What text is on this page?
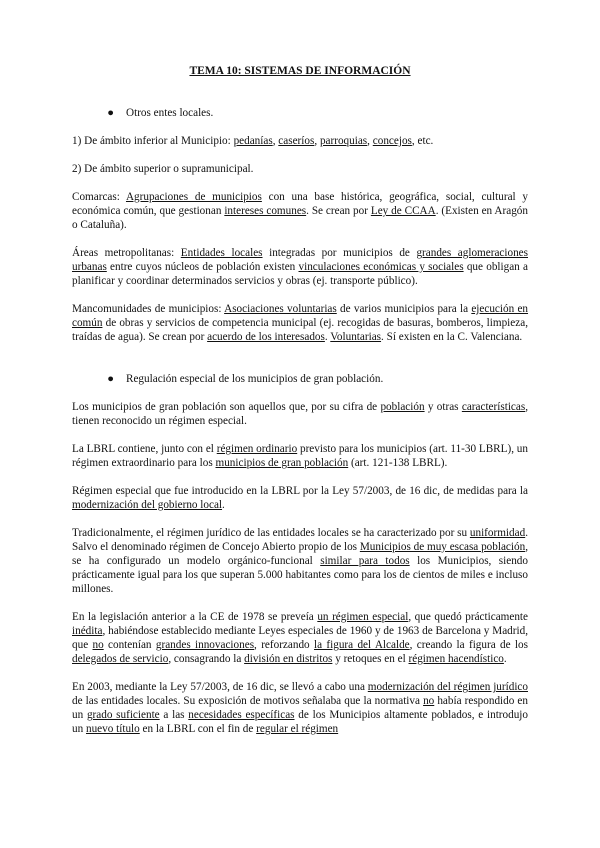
TEMA 10: SISTEMAS DE INFORMACIÓN
●	Otros entes locales.

1) De ámbito inferior al Municipio: pedanías, caseríos, parroquias, concejos, etc.

2) De ámbito superior o supramunicipal.

Comarcas: Agrupaciones de municipios con una base histórica, geográfica, social, cultural y económica común, que gestionan intereses comunes. Se crean por Ley de CCAA. (Existen en Aragón o Cataluña).

Áreas metropolitanas: Entidades locales integradas por municipios de grandes aglomeraciones urbanas entre cuyos núcleos de población existen vinculaciones económicas y sociales que obligan a planificar y coordinar determinados servicios y obras (ej. transporte público).

Mancomunidades de municipios: Asociaciones voluntarias de varios municipios para la ejecución en común de obras y servicios de competencia municipal (ej. recogidas de basuras, bomberos, limpieza, traídas de agua). Se crean por acuerdo de los interesados. Voluntarias. Sí existen en la C. Valenciana.

●	Regulación especial de los municipios de gran población.

Los municipios de gran población son aquellos que, por su cifra de población y otras características, tienen reconocido un régimen especial.

La LBRL contiene, junto con el régimen ordinario previsto para los municipios (art. 11-30 LBRL), un régimen extraordinario para los municipios de gran población (art. 121-138 LBRL).

Régimen especial que fue introducido en la LBRL por la Ley 57/2003, de 16 dic, de medidas para la modernización del gobierno local.

Tradicionalmente, el régimen jurídico de las entidades locales se ha caracterizado por su uniformidad. Salvo el denominado régimen de Concejo Abierto propio de los Municipios de muy escasa población, se ha configurado un modelo orgánico-funcional similar para todos los Municipios, siendo prácticamente igual para los que superan 5.000 habitantes como para los de cientos de miles e incluso millones.

En la legislación anterior a la CE de 1978 se preveía un régimen especial, que quedó prácticamente inédita, habiéndose establecido mediante Leyes especiales de 1960 y de 1963 de Barcelona y Madrid, que no contenían grandes innovaciones, reforzando la figura del Alcalde, creando la figura de los delegados de servicio, consagrando la división en distritos y retoques en el régimen hacendístico.

En 2003, mediante la Ley 57/2003, de 16 dic, se llevó a cabo una modernización del régimen jurídico de las entidades locales. Su exposición de motivos señalaba que la normativa no había respondido en un grado suficiente a las necesidades específicas de los Municipios altamente poblados, e introdujo un nuevo título en la LBRL con el fin de regular el régimen
